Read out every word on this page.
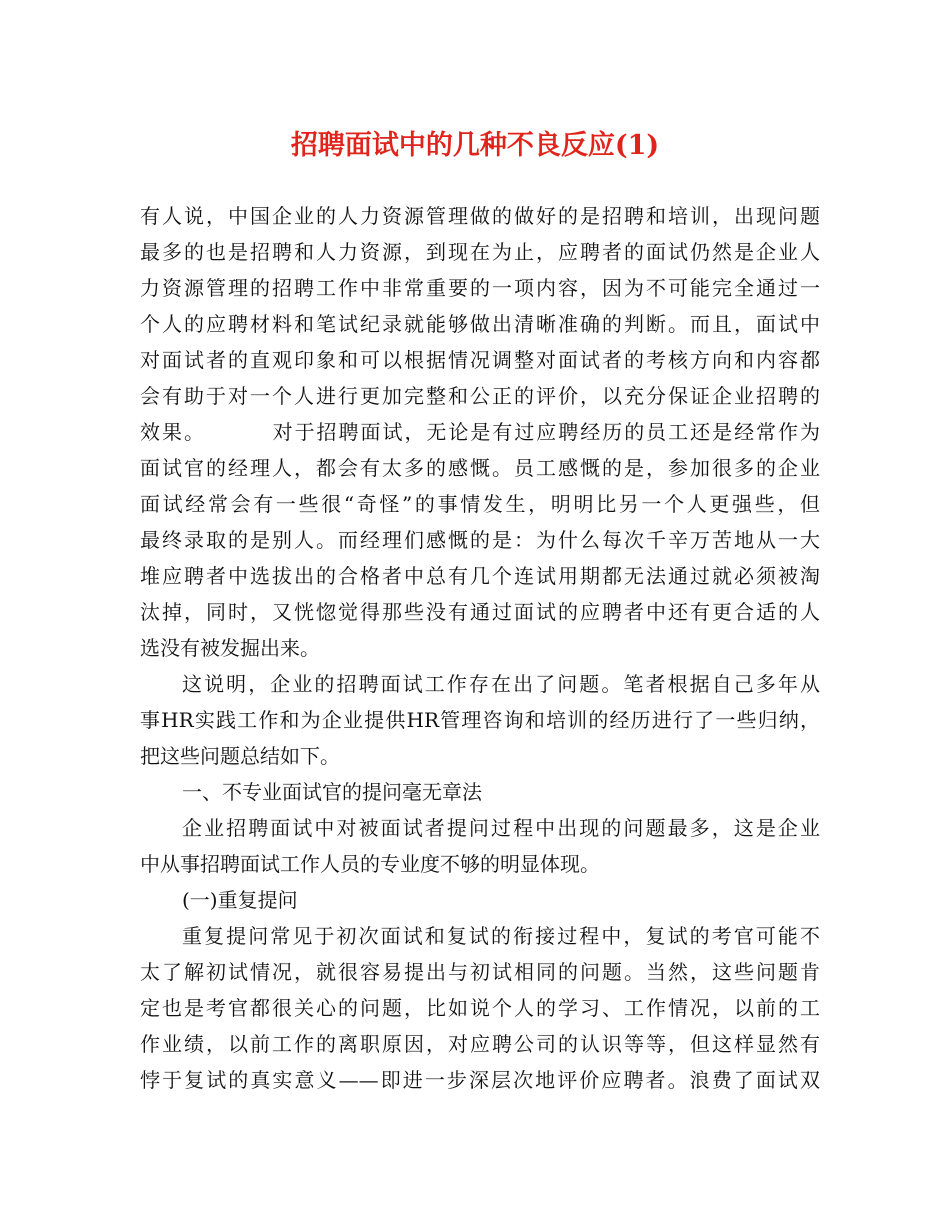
招聘面试中的几种不良反应(1)
有人说，中国企业的人力资源管理做的做好的是招聘和培训，出现问题
最多的也是招聘和人力资源，到现在为止，应聘者的面试仍然是企业人
力资源管理的招聘工作中非常重要的一项内容，因为不可能完全通过一
个人的应聘材料和笔试纪录就能够做出清晰准确的判断。而且，面试中
对面试者的直观印象和可以根据情况调整对面试者的考核方向和内容都
会有助于对一个人进行更加完整和公正的评价，以充分保证企业招聘的
效果。        对于招聘面试，无论是有过应聘经历的员工还是经常作为
面试官的经理人，都会有太多的感慨。员工感慨的是，参加很多的企业
面试经常会有一些很“奇怪”的事情发生，明明比另一个人更强些，但
最终录取的是别人。而经理们感慨的是：为什么每次千辛万苦地从一大
堆应聘者中选拔出的合格者中总有几个连试用期都无法通过就必须被淘
汰掉，同时，又恍惚觉得那些没有通过面试的应聘者中还有更合适的人
选没有被发掘出来。
这说明，企业的招聘面试工作存在出了问题。笔者根据自己多年从
事HR实践工作和为企业提供HR管理咨询和培训的经历进行了一些归纳，
把这些问题总结如下。
一、不专业面试官的提问毫无章法
企业招聘面试中对被面试者提问过程中出现的问题最多，这是企业
中从事招聘面试工作人员的专业度不够的明显体现。
(一)重复提问
重复提问常见于初次面试和复试的衔接过程中，复试的考官可能不
太了解初试情况，就很容易提出与初试相同的问题。当然，这些问题肯
定也是考官都很关心的问题，比如说个人的学习、工作情况，以前的工
作业绩，以前工作的离职原因，对应聘公司的认识等等，但这样显然有
悖于复试的真实意义——即进一步深层次地评价应聘者。浪费了面试双
